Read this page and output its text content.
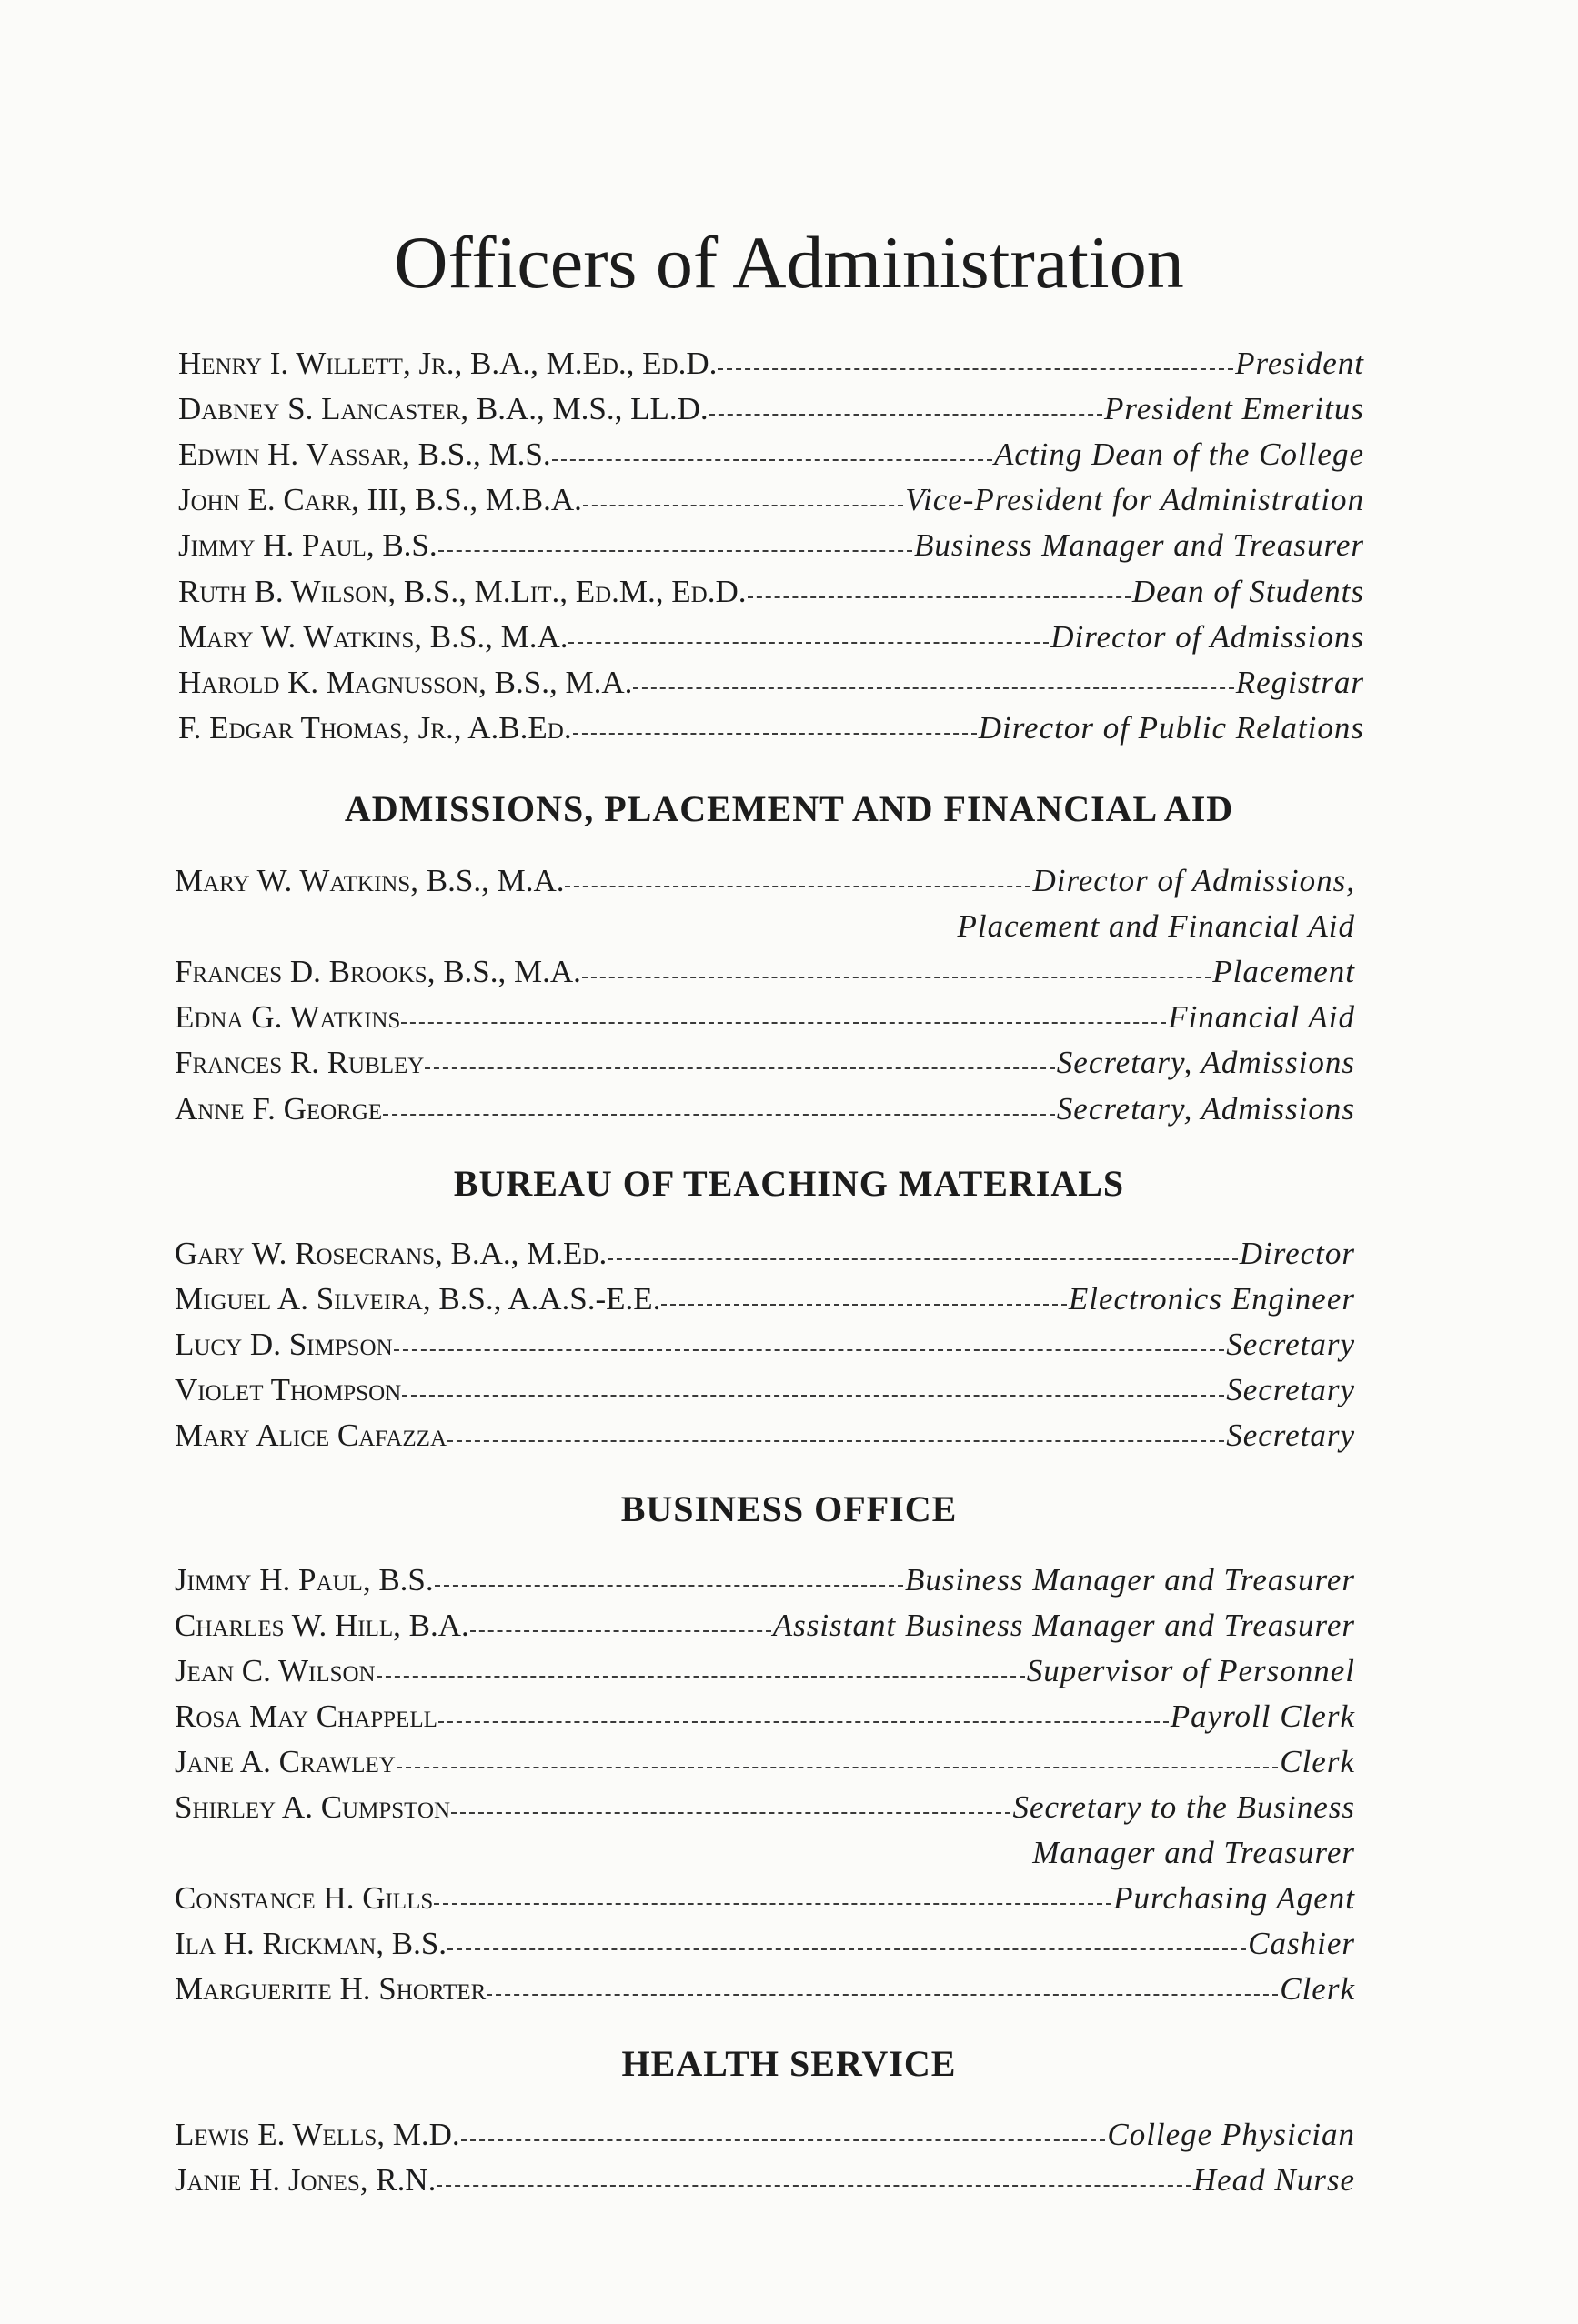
Officers of Administration
Henry I. Willett, Jr., B.A., M.Ed., Ed.D.	President
Dabney S. Lancaster, B.A., M.S., LL.D.	President Emeritus
Edwin H. Vassar, B.S., M.S.	Acting Dean of the College
John E. Carr, III, B.S., M.B.A.	Vice-President for Administration
Jimmy H. Paul, B.S.	Business Manager and Treasurer
Ruth B. Wilson, B.S., M.Lit., Ed.M., Ed.D.	Dean of Students
Mary W. Watkins, B.S., M.A.	Director of Admissions
Harold K. Magnusson, B.S., M.A.	Registrar
F. Edgar Thomas, Jr., A.B.Ed.	Director of Public Relations
ADMISSIONS, PLACEMENT AND FINANCIAL AID
Mary W. Watkins, B.S., M.A.	Director of Admissions,
Placement and Financial Aid
Frances D. Brooks, B.S., M.A.	Placement
Edna G. Watkins	Financial Aid
Frances R. Rubley	Secretary, Admissions
Anne F. George	Secretary, Admissions
BUREAU OF TEACHING MATERIALS
Gary W. Rosecrans, B.A., M.Ed.	Director
Miguel A. Silveira, B.S., A.A.S.-E.E.	Electronics Engineer
Lucy D. Simpson	Secretary
Violet Thompson	Secretary
Mary Alice Cafazza	Secretary
BUSINESS OFFICE
Jimmy H. Paul, B.S.	Business Manager and Treasurer
Charles W. Hill, B.A.	Assistant Business Manager and Treasurer
Jean C. Wilson	Supervisor of Personnel
Rosa May Chappell	Payroll Clerk
Jane A. Crawley	Clerk
Shirley A. Cumpston	Secretary to the Business
Manager and Treasurer
Constance H. Gills	Purchasing Agent
Ila H. Rickman, B.S.	Cashier
Marguerite H. Shorter	Clerk
HEALTH SERVICE
Lewis E. Wells, M.D.	College Physician
Janie H. Jones, R.N.	Head Nurse
